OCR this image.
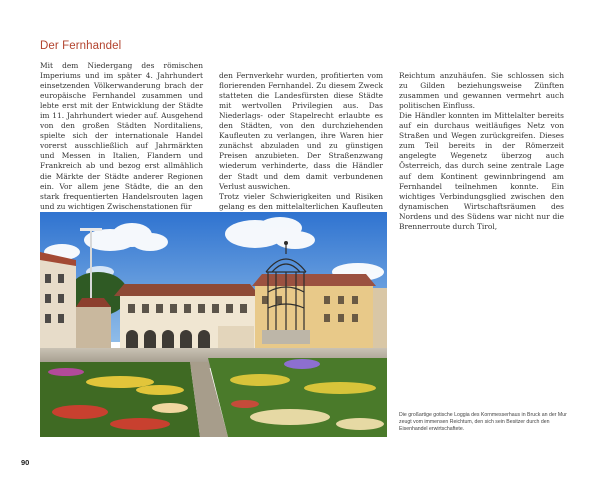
Der Fernhandel

Mit dem Niedergang des römischen Imperiums und im später 4. Jahrhundert einsetzenden Völkerwanderung brach der europäische Fernhandel zusammen und lebte erst mit der Entwicklung der Städte im 11. Jahrhundert wieder auf. Ausgehend von den großen Städten Norditaliens, spielte sich der internationale Handel vorerst ausschließlich auf Jahrmärkten und Messen in Italien, Flandern und Frankreich ab und bezog erst allmählich die Märkte der Städte anderer Regionen ein. Vor allem jene Städte, die an den stark frequentierten Handelsrouten lagen und zu wichtigen Zwischenstationen für

den Fernverkehr wurden, profitierten vom florierenden Fernhandel. Zu diesem Zweck statteten die Landesfürsten diese Städte mit wertvollen Privilegien aus. Das Niederlags- oder Stapelrecht erlaubte es den Städten, von den durchziehenden Kaufleuten zu verlangen, ihre Waren hier zunächst abzuladen und zu günstigen Preisen anzubieten. Der Straßenzwang wiederum verhinderte, dass die Händler der Stadt und dem damit verbundenen Verlust auswichen.
Trotz vieler Schwierigkeiten und Risiken gelang es den mittelalterlichen Kaufleuten

Reichtum anzuhäufen. Sie schlossen sich zu Gilden beziehungsweise Zünften zusammen und gewannen vermehrt auch politischen Einfluss.
Die Händler konnten im Mittelalter bereits auf ein durchaus weitläufiges Netz von Straßen und Wegen zurückgreifen. Dieses zum Teil bereits in der Römerzeit angelegte Wegenetz überzog auch Österreich, das durch seine zentrale Lage auf dem Kontinent gewinnbringend am Fernhandel teilnehmen konnte. Ein wichtiges Verbindungsglied zwischen den dynamischen Wirtschaftsräumen des Nordens und des Südens war nicht nur die Brennerroute durch Tirol,

Die großartige gotische Loggia des Kornmesserhaus in Bruck an der Mur zeugt vom immensen Reichtum, den sich sein Besitzer durch den Eisenhandel erwirtschaftete.
90
